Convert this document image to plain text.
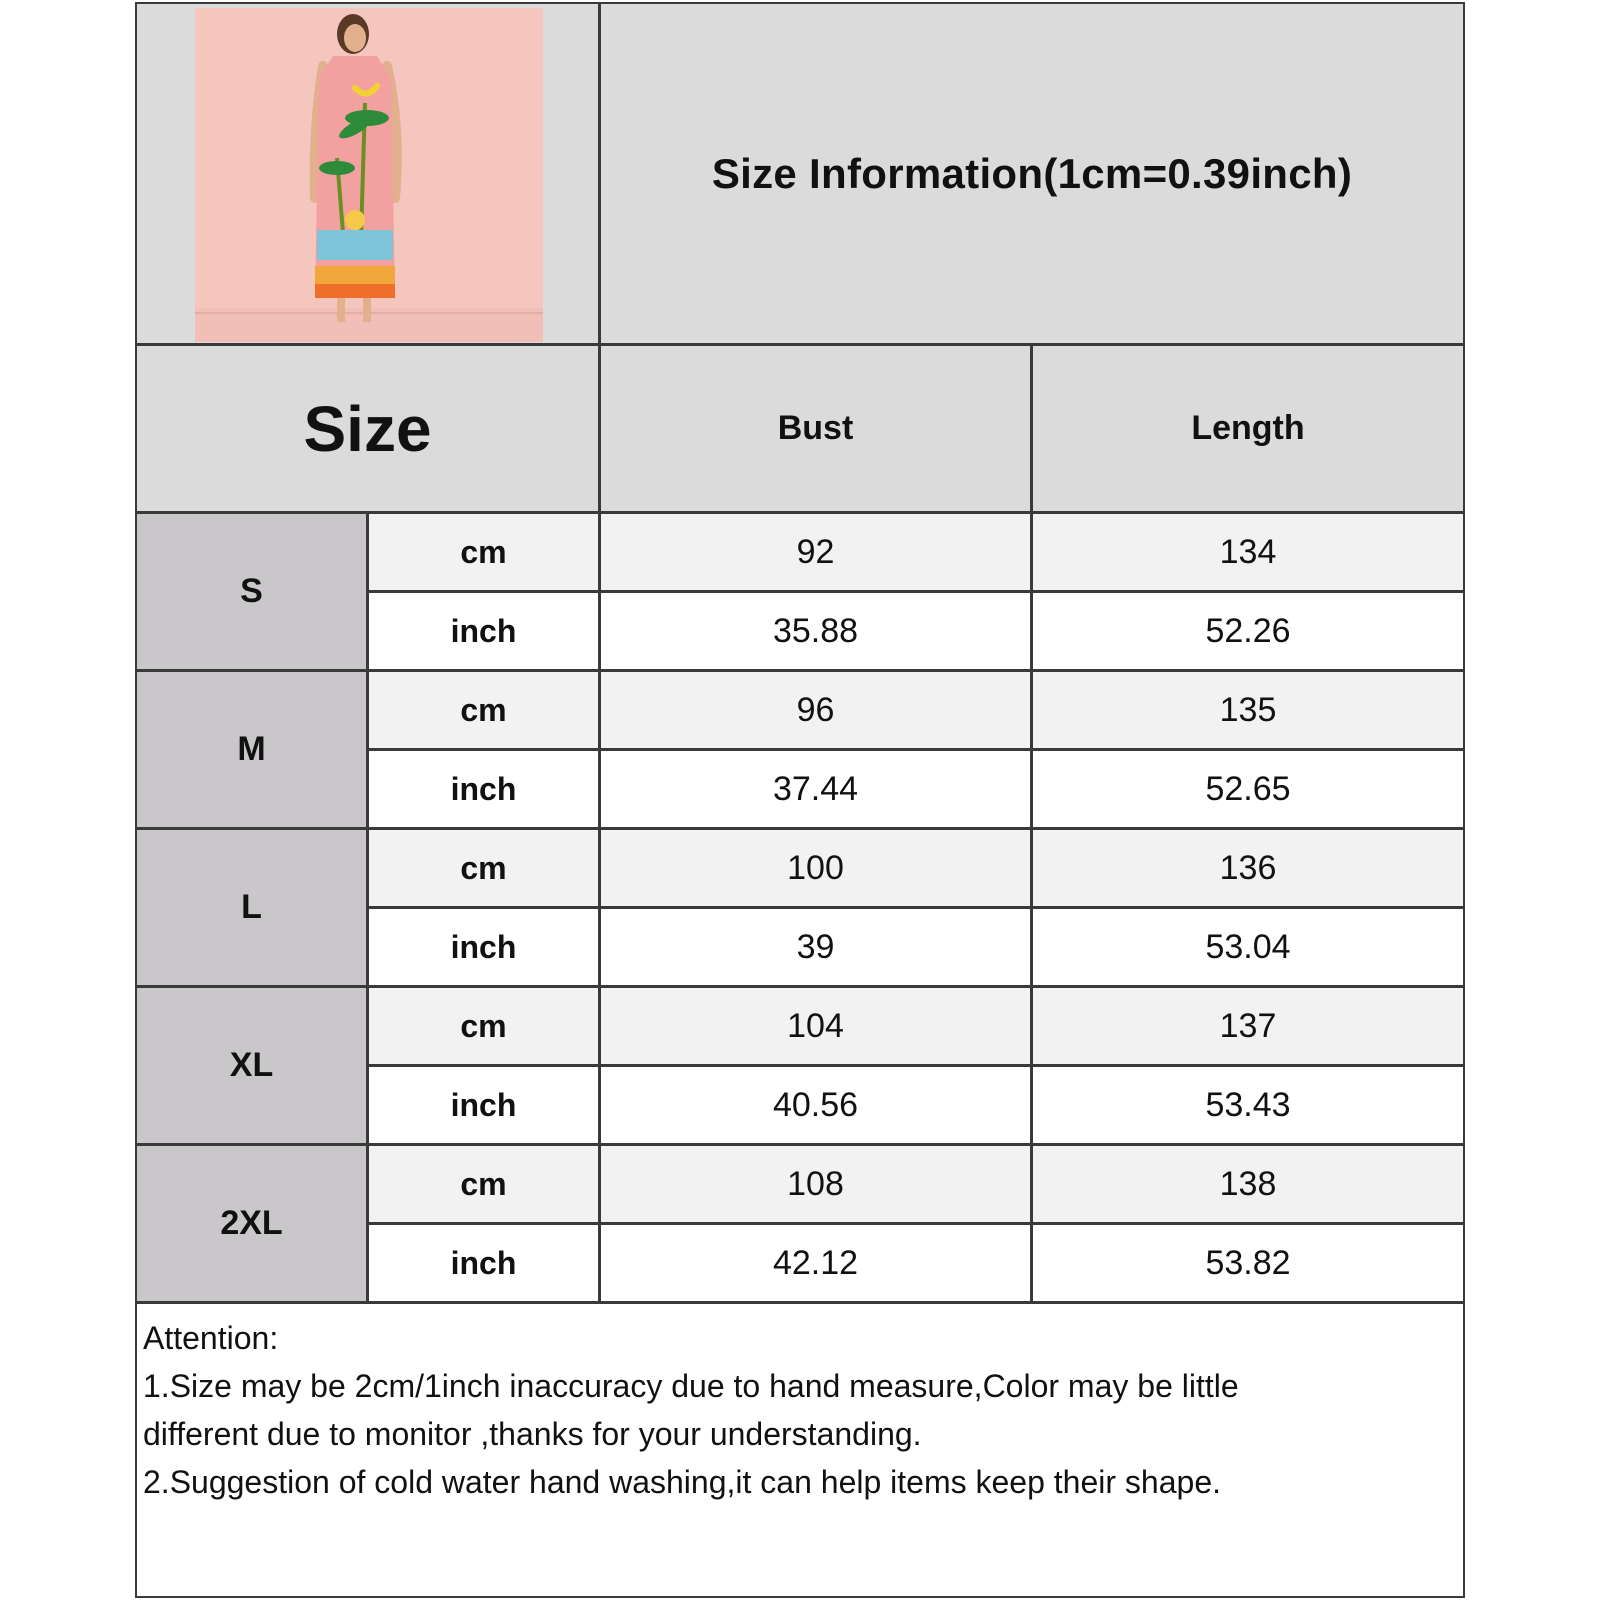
Size Information(1cm=0.39inch)
Size	Bust	Length
S
cm	92	134
inch	35.88	52.26
M
cm	96	135
inch	37.44	52.65
L
cm	100	136
inch	39	53.04
XL
cm	104	137
inch	40.56	53.43
2XL
cm	108	138
inch	42.12	53.82
Attention:
1.Size may be 2cm/1inch inaccuracy due to hand measure,Color may be little
different due to monitor ,thanks for your understanding.
2.Suggestion of cold water hand washing,it can help items keep their shape.
